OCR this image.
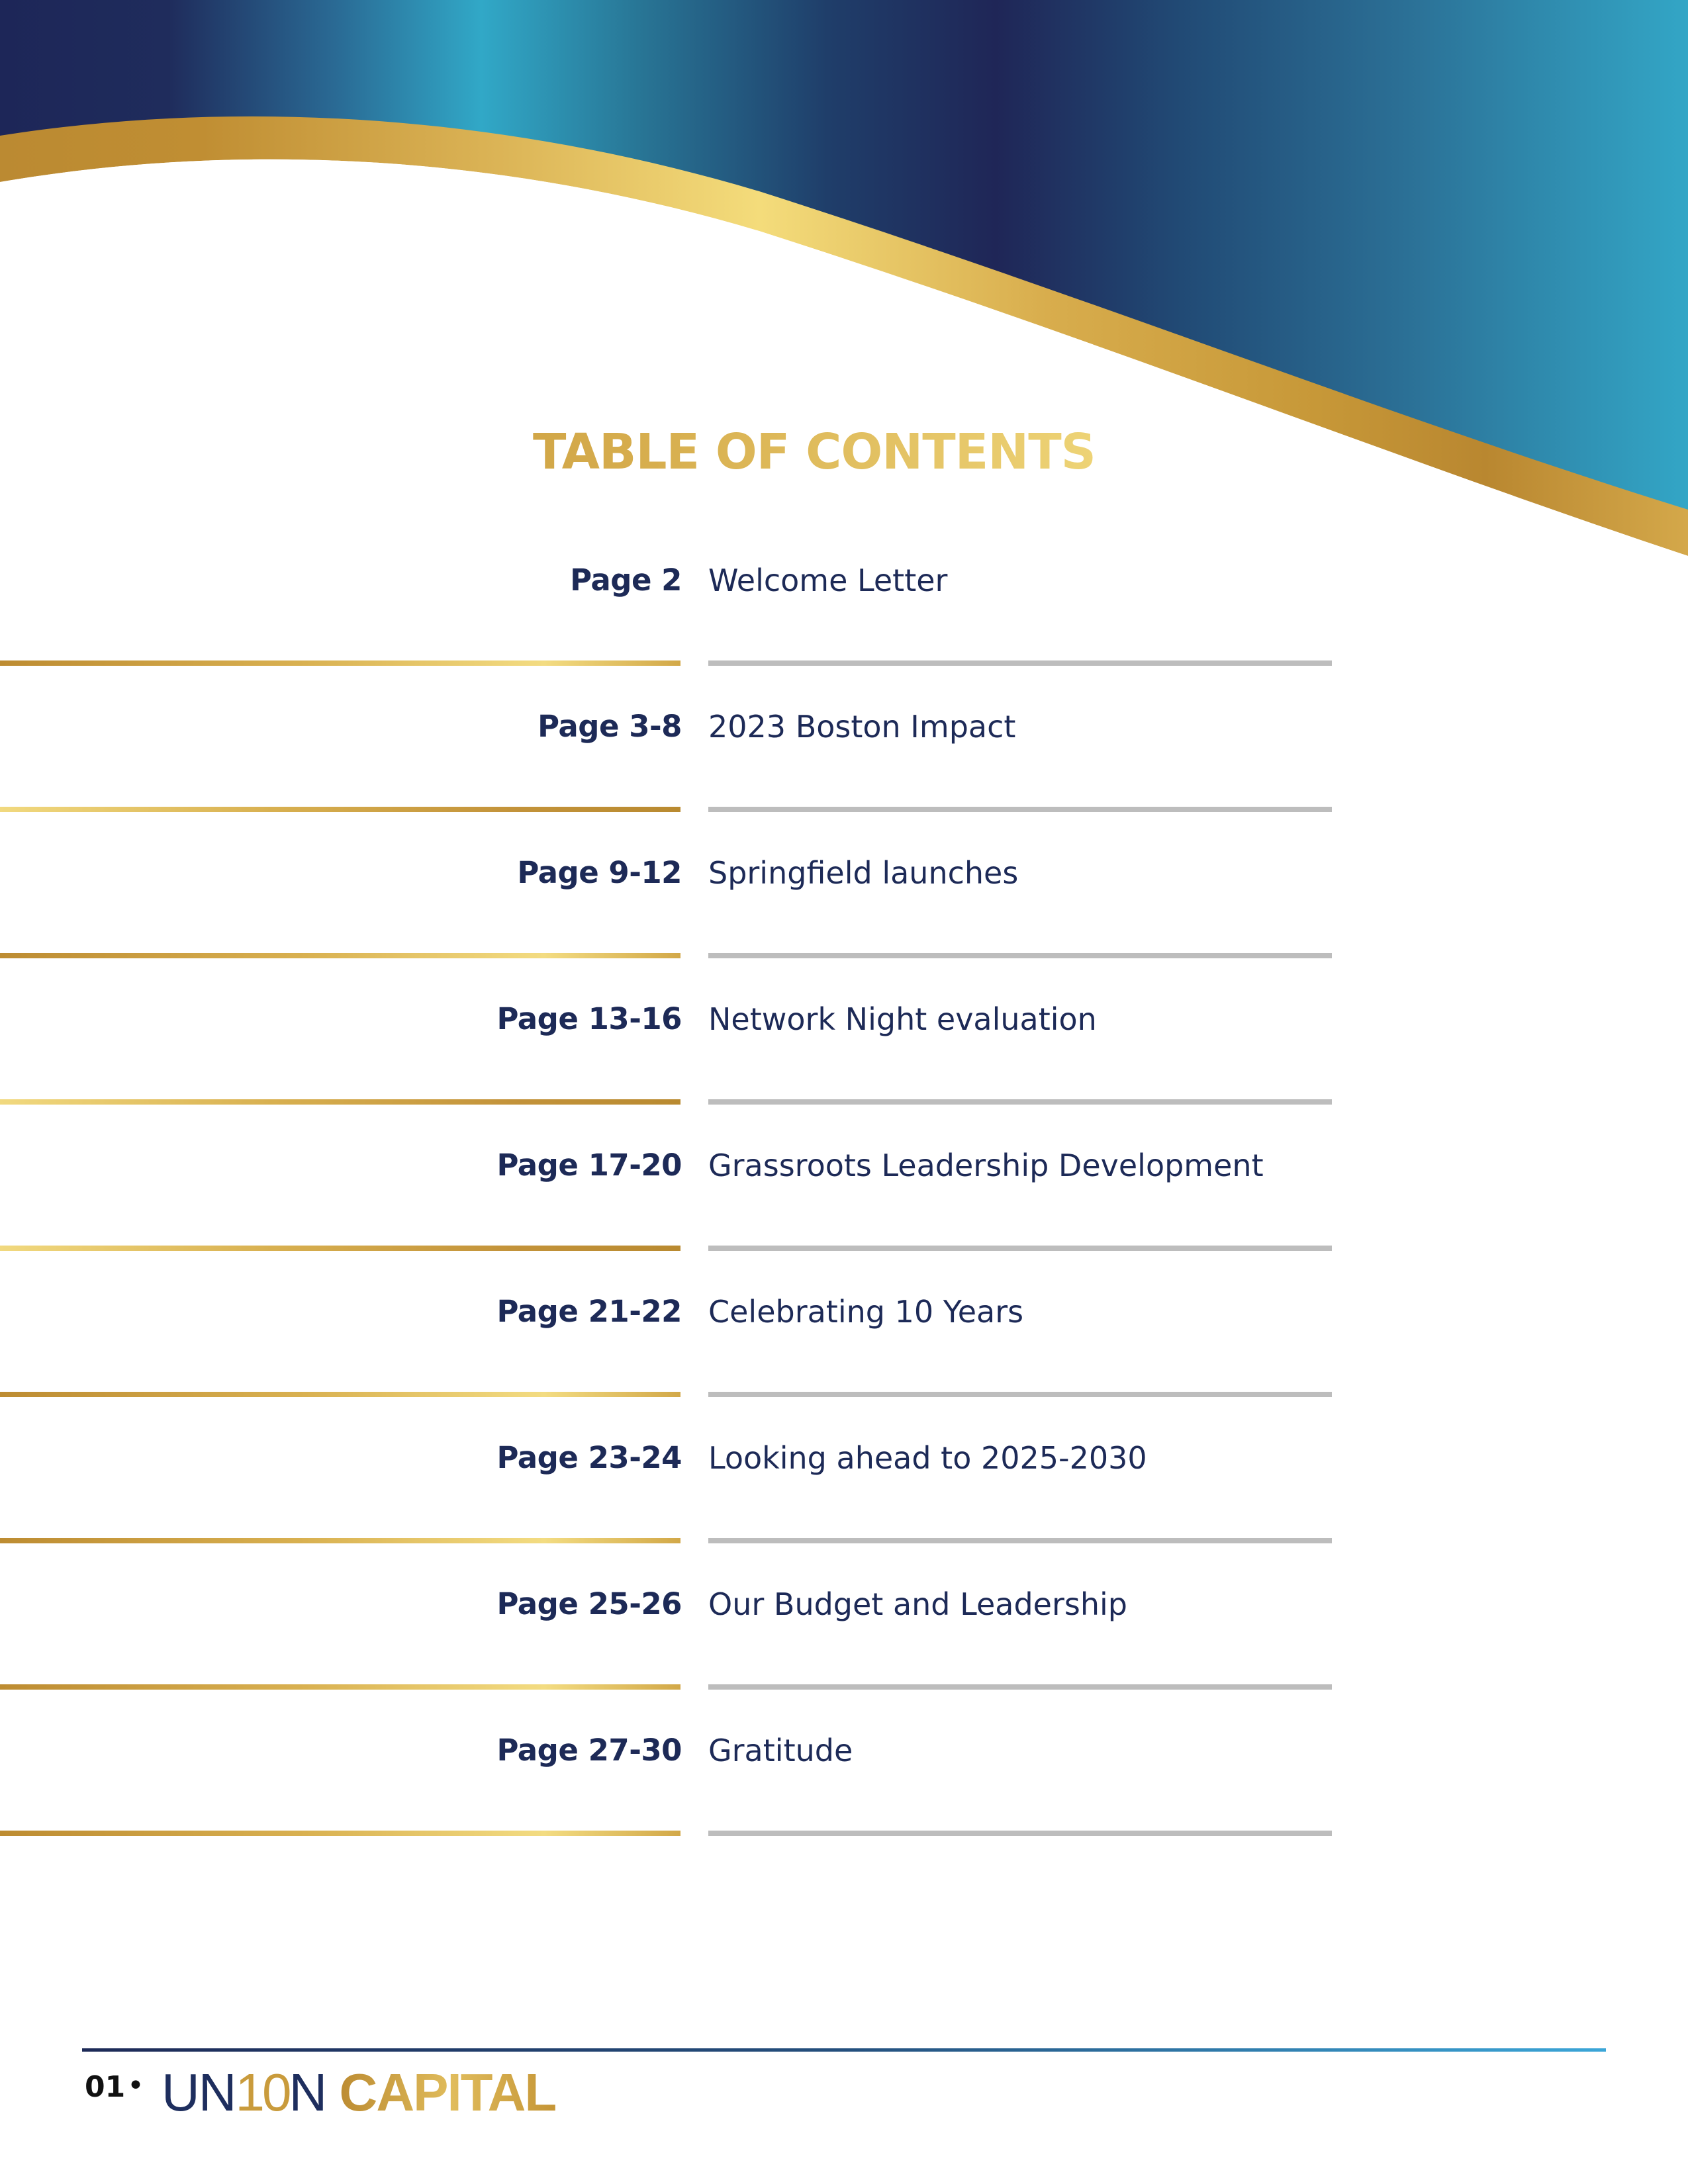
TABLE OF CONTENTS
Page 2 Welcome Letter
Page 3-8 2023 Boston Impact
Page 9-12 Springfield launches
Page 13-16 Network Night evaluation
Page 17-20 Grassroots Leadership Development
Page 21-22 Celebrating 10 Years
Page 23-24 Looking ahead to 2025-2030
Page 25-26 Our Budget and Leadership
Page 27-30 Gratitude
01 • UN10N CAPITAL
